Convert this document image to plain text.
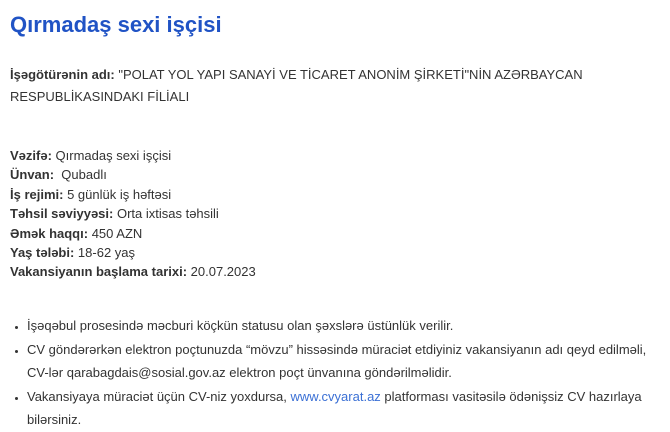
Qırmadaş sexi işçisi

İşəgötürənin adı: "POLAT YOL YAPI SANAYİ VE TİCARET ANONİM ŞİRKETİ"NİN AZƏRBAYCAN RESPUBLİKASINDAKI FİLİALI

Vəzifə: Qırmadaş sexi işçisi

Ünvan:  Qubadlı

İş rejimi: 5 günlük iş həftəsi

Təhsil səviyyəsi: Orta ixtisas təhsili

Əmək haqqı: 450 AZN

Yaş tələbi: 18-62 yaş

Vakansiyanın başlama tarixi: 20.07.2023

• İşəqəbul prosesində məcburi köçkün statusu olan şəxslərə üstünlük verilir.
• CV göndərərkən elektron poçtunuzda “mövzu” hissəsində müraciət etdiyiniz vakansiyanın adı qeyd edilməli, CV-lər qarabagdais@sosial.gov.az elektron poçt ünvanına göndərilməlidir.
• Vakansiyaya müraciət üçün CV-niz yoxdursa, www.cvyarat.az platforması vasitəsilə ödənişsiz CV hazırlaya bilərsiniz.
